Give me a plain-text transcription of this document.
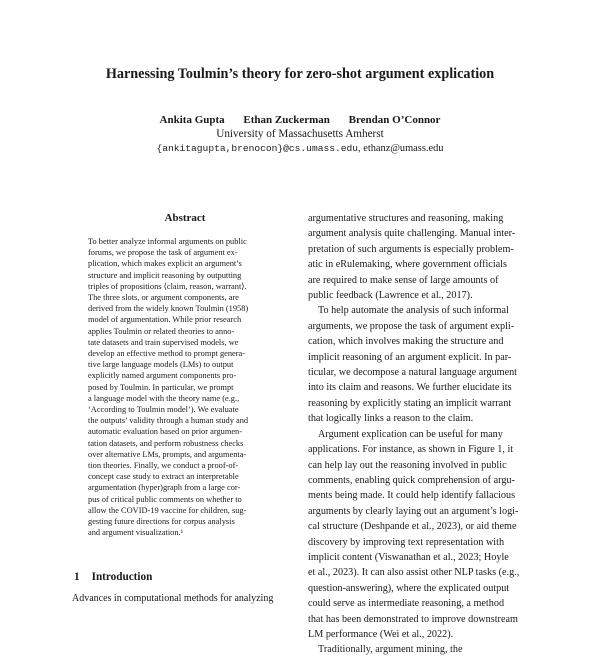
Harnessing Toulmin’s theory for zero-shot argument explication
Ankita Gupta Ethan Zuckerman Brendan O’Connor
University of Massachusetts Amherst
{ankitagupta,brenocon}@cs.umass.edu, ethanz@umass.edu
Abstract
To better analyze informal arguments on public
forums, we propose the task of argument ex-
plication, which makes explicit an argument’s
structure and implicit reasoning by outputting
triples of propositions ⟨claim, reason, warrant⟩.
The three slots, or argument components, are
derived from the widely known Toulmin (1958)
model of argumentation. While prior research
applies Toulmin or related theories to anno-
tate datasets and train supervised models, we
develop an effective method to prompt genera-
tive large language models (LMs) to output
explicitly named argument components pro-
posed by Toulmin. In particular, we prompt
a language model with the theory name (e.g.,
‘According to Toulmin model’). We evaluate
the outputs’ validity through a human study and
automatic evaluation based on prior argumen-
tation datasets, and perform robustness checks
over alternative LMs, prompts, and argumenta-
tion theories. Finally, we conduct a proof-of-
concept case study to extract an interpretable
argumentation (hyper)graph from a large cor-
pus of critical public comments on whether to
allow the COVID-19 vaccine for children, sug-
gesting future directions for corpus analysis
and argument visualization.¹
1 Introduction
Advances in computational methods for analyzing
argumentative structures and reasoning, making
argument analysis quite challenging. Manual inter-
pretation of such arguments is especially problem-
atic in eRulemaking, where government officials
are required to make sense of large amounts of
public feedback (Lawrence et al., 2017).
To help automate the analysis of such informal
arguments, we propose the task of argument expli-
cation, which involves making the structure and
implicit reasoning of an argument explicit. In par-
ticular, we decompose a natural language argument
into its claim and reasons. We further elucidate its
reasoning by explicitly stating an implicit warrant
that logically links a reason to the claim.
Argument explication can be useful for many
applications. For instance, as shown in Figure 1, it
can help lay out the reasoning involved in public
comments, enabling quick comprehension of argu-
ments being made. It could help identify fallacious
arguments by clearly laying out an argument’s logi-
cal structure (Deshpande et al., 2023), or aid theme
discovery by improving text representation with
implicit content (Viswanathan et al., 2023; Hoyle
et al., 2023). It can also assist other NLP tasks (e.g.,
question-answering), where the explicated output
could serve as intermediate reasoning, a method
that has been demonstrated to improve downstream
LM performance (Wei et al., 2022).
Traditionally, argument mining, the
